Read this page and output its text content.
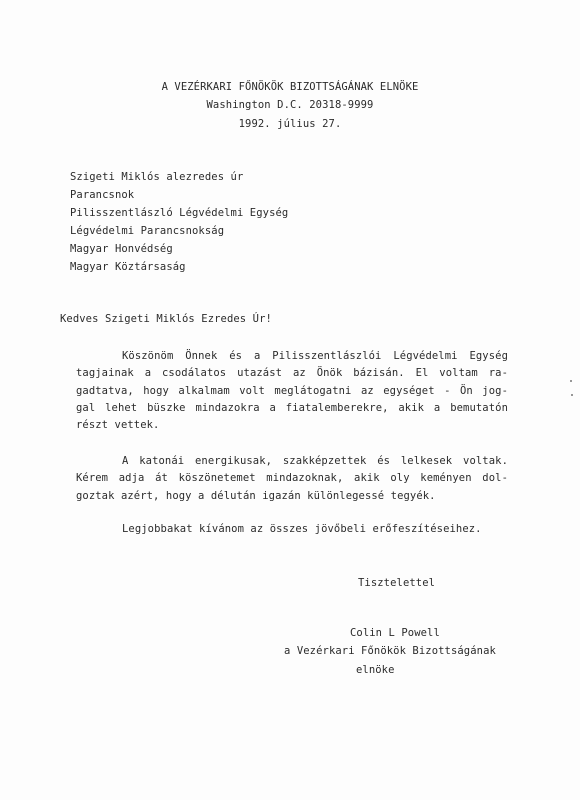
A VEZÉRKARI FŐNÖKÖK BIZOTTSÁGÁNAK ELNÖKE
Washington D.C. 20318-9999
1992. július 27.
Szigeti Miklós alezredes úr
Parancsnok
Pilisszentlászló Légvédelmi Egység
Légvédelmi Parancsnokság
Magyar Honvédség
Magyar Köztársaság
Kedves Szigeti Miklós Ezredes Úr!
Köszönöm Önnek és a Pilisszentlászlói Légvédelmi Egység
tagjainak a csodálatos utazást az Önök bázisán. El voltam ra-
gadtatva, hogy alkalmam volt meglátogatni az egységet - Ön jog-
gal lehet büszke mindazokra a fiatalemberekre, akik a bemutatón
részt vettek.
A katonái energikusak, szakképzettek és lelkesek voltak.
Kérem adja át köszönetemet mindazoknak, akik oly keményen dol-
goztak azért, hogy a délután igazán különlegessé tegyék.
Legjobbakat kívánom az összes jövőbeli erőfeszítéseihez.
Tisztelettel
Colin L Powell
a Vezérkari Főnökök Bizottságának
elnöke
